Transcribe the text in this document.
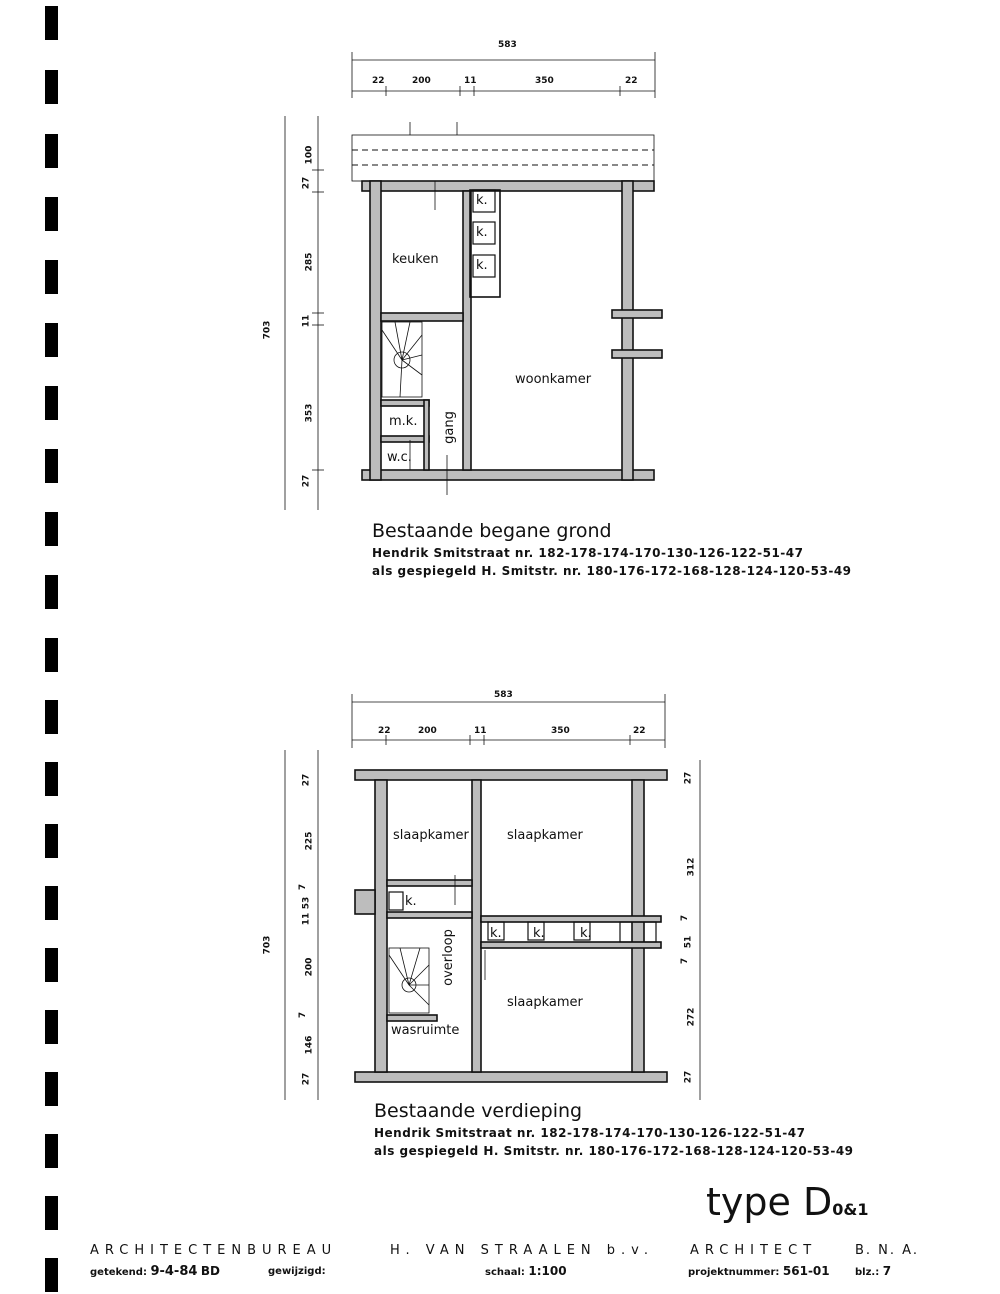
583
22	200	11	350	22
703
100
27
285
11
353
27
keuken
woonkamer
gang
m.k.
w.c.
k.
k.
k.
Bestaande begane grond
Hendrik Smitstraat nr. 182-178-174-170-130-126-122-51-47
als gespiegeld H. Smitstr. nr. 180-176-172-168-128-124-120-53-49
583
22	200	11	350	22
703
27
225
7
53
11
200
7
146
27
27
312
7
51
7
272
27
slaapkamer	slaapkamer
slaapkamer
overloop
wasruimte
k.
k. k.	k.
Bestaande verdieping
Hendrik Smitstraat nr. 182-178-174-170-130-126-122-51-47
als gespiegeld H. Smitstr. nr. 180-176-172-168-128-124-120-53-49
type D0&1
ARCHITECTENBUREAU	H. VAN STRAALEN b.v.	ARCHITECT	B. N. A.
getekend: 9-4-84 BD	gewijzigd:	schaal: 1:100	projektnummer: 561-01	blz.: 7
